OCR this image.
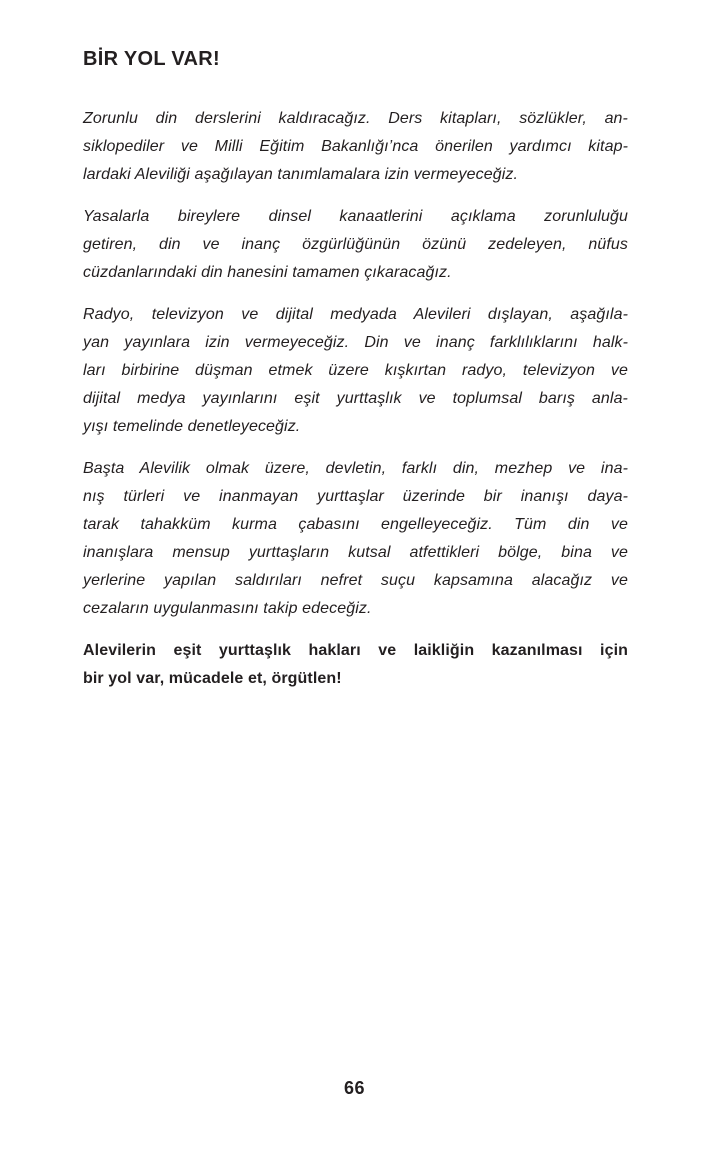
BİR YOL VAR!
Zorunlu din derslerini kaldıracağız. Ders kitapları, sözlükler, an-
siklopediler ve Milli Eğitim Bakanlığı’nca önerilen yardımcı kitap-
lardaki Aleviliği aşağılayan tanımlamalara izin vermeyeceğiz.
Yasalarla bireylere dinsel kanaatlerini açıklama zorunluluğu
getiren, din ve inanç özgürlüğünün özünü zedeleyen, nüfus
cüzdanlarındaki din hanesini tamamen çıkaracağız.
Radyo, televizyon ve dijital medyada Alevileri dışlayan, aşağıla-
yan yayınlara izin vermeyeceğiz. Din ve inanç farklılıklarını halk-
ları birbirine düşman etmek üzere kışkırtan radyo, televizyon ve
dijital medya yayınlarını eşit yurttaşlık ve toplumsal barış anla-
yışı temelinde denetleyeceğiz.
Başta Alevilik olmak üzere, devletin, farklı din, mezhep ve ina-
nış türleri ve inanmayan yurttaşlar üzerinde bir inanışı daya-
tarak tahakküm kurma çabasını engelleyeceğiz. Tüm din ve
inanışlara mensup yurttaşların kutsal atfettikleri bölge, bina ve
yerlerine yapılan saldırıları nefret suçu kapsamına alacağız ve
cezaların uygulanmasını takip edeceğiz.
Alevilerin eşit yurttaşlık hakları ve laikliğin kazanılması için
bir yol var, mücadele et, örgütlen!
66
